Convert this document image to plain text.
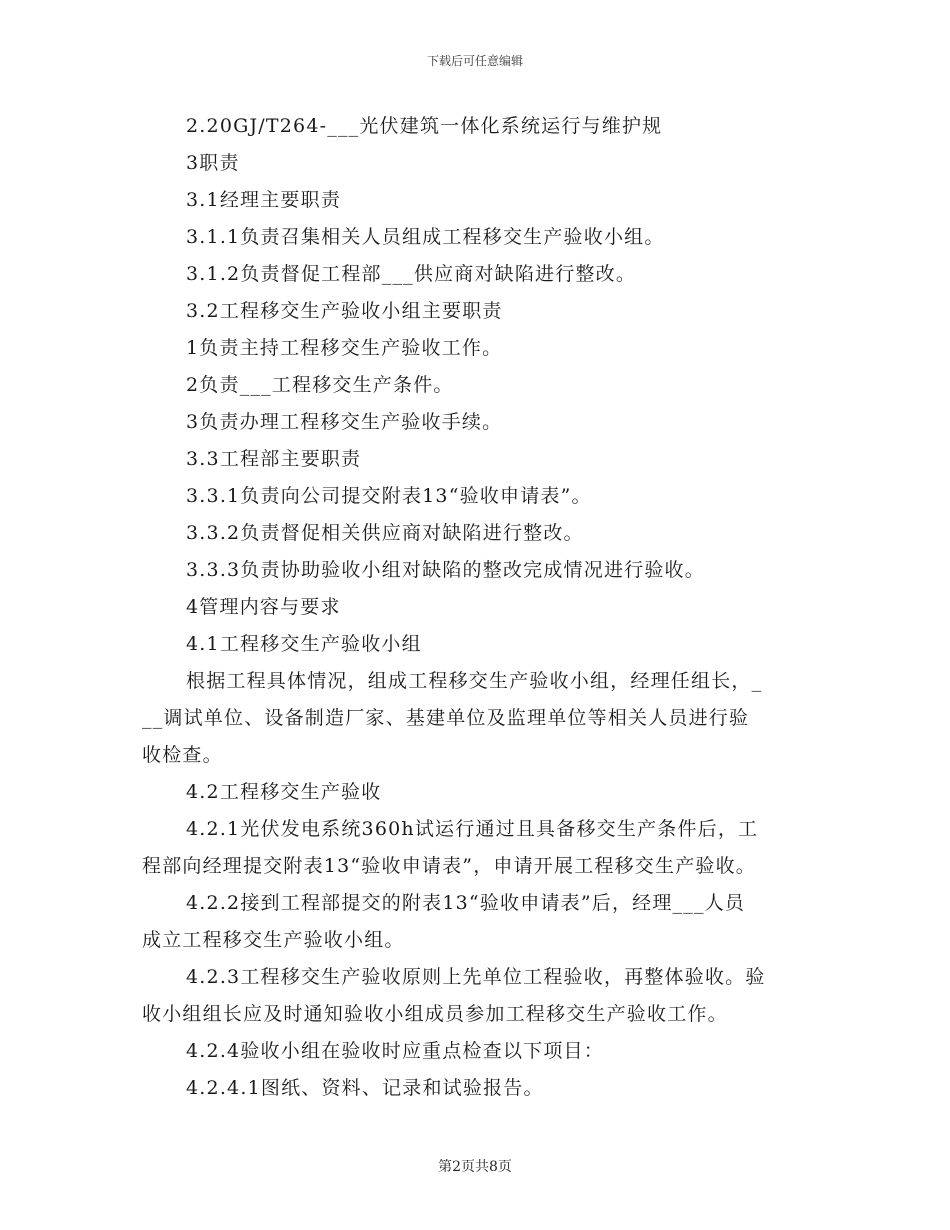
下载后可任意编辑
2.20GJ/T264-___光伏建筑一体化系统运行与维护规
3职责
3.1经理主要职责
3.1.1负责召集相关人员组成工程移交生产验收小组。
3.1.2负责督促工程部___供应商对缺陷进行整改。
3.2工程移交生产验收小组主要职责
1负责主持工程移交生产验收工作。
2负责___工程移交生产条件。
3负责办理工程移交生产验收手续。
3.3工程部主要职责
3.3.1负责向公司提交附表13“验收申请表”。
3.3.2负责督促相关供应商对缺陷进行整改。
3.3.3负责协助验收小组对缺陷的整改完成情况进行验收。
4管理内容与要求
4.1工程移交生产验收小组
根据工程具体情况，组成工程移交生产验收小组，经理任组长，_
__调试单位、设备制造厂家、基建单位及监理单位等相关人员进行验
收检查。
4.2工程移交生产验收
4.2.1光伏发电系统360h试运行通过且具备移交生产条件后，工
程部向经理提交附表13“验收申请表”，申请开展工程移交生产验收。
4.2.2接到工程部提交的附表13“验收申请表”后，经理___人员
成立工程移交生产验收小组。
4.2.3工程移交生产验收原则上先单位工程验收，再整体验收。验
收小组组长应及时通知验收小组成员参加工程移交生产验收工作。
4.2.4验收小组在验收时应重点检查以下项目：
4.2.4.1图纸、资料、记录和试验报告。
第2页共8页
